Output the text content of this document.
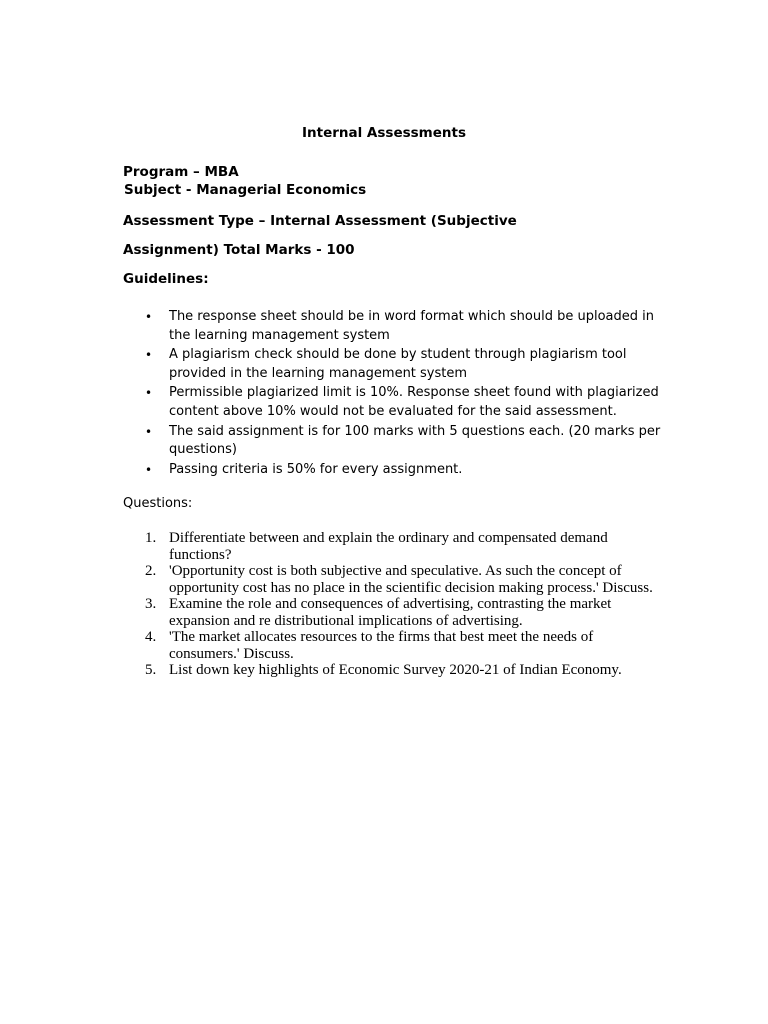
Internal Assessments

Program – MBA

Subject - Managerial Economics

Assessment Type – Internal Assessment (Subjective

Assignment) Total Marks - 100

Guidelines:

• The response sheet should be in word format which should be uploaded in the learning management system
• A plagiarism check should be done by student through plagiarism tool provided in the learning management system
• Permissible plagiarized limit is 10%. Response sheet found with plagiarized content above 10% would not be evaluated for the said assessment.
• The said assignment is for 100 marks with 5 questions each. (20 marks per questions)
• Passing criteria is 50% for every assignment.

Questions:

1. Differentiate between and explain the ordinary and compensated demand functions?
2. 'Opportunity cost is both subjective and speculative. As such the concept of opportunity cost has no place in the scientific decision making process.' Discuss.
3. Examine the role and consequences of advertising, contrasting the market expansion and re distributional implications of advertising.
4. 'The market allocates resources to the firms that best meet the needs of consumers.' Discuss.
5. List down key highlights of Economic Survey 2020-21 of Indian Economy.
